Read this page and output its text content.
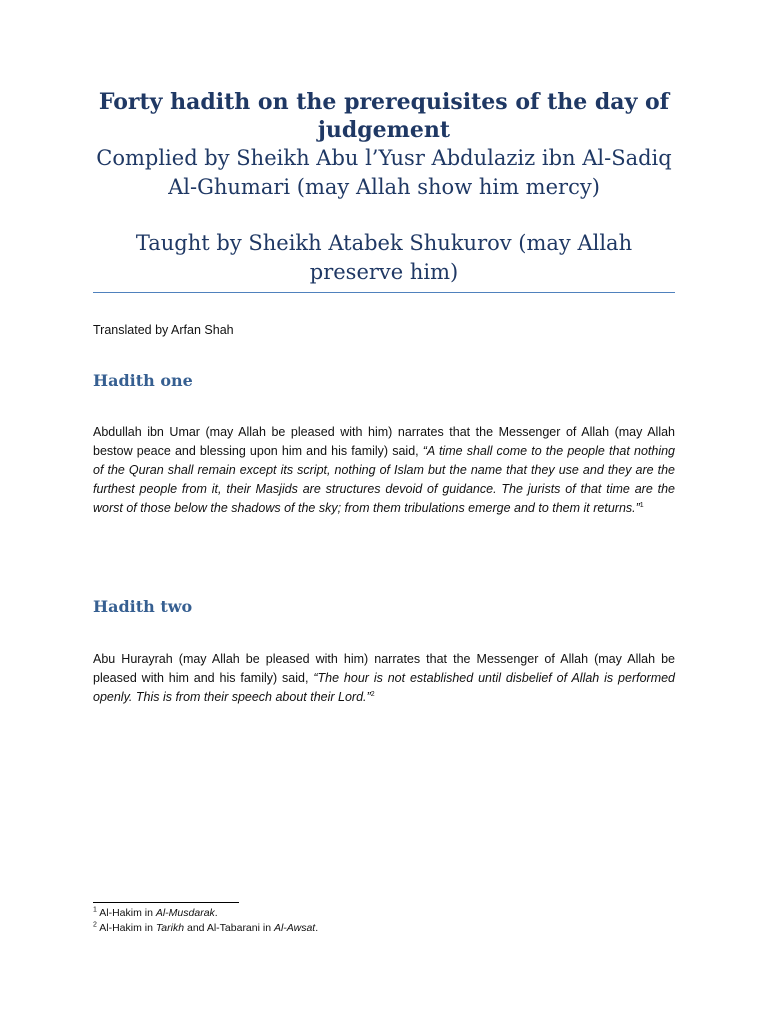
Forty hadith on the prerequisites of the day of judgement

Complied by Sheikh Abu l’Yusr Abdulaziz ibn Al-Sadiq Al-Ghumari (may Allah show him mercy)

Taught by Sheikh Atabek Shukurov (may Allah preserve him)

Translated by Arfan Shah
Hadith one

Abdullah ibn Umar (may Allah be pleased with him) narrates that the Messenger of Allah (may Allah bestow peace and blessing upon him and his family) said, “A time shall come to the people that nothing of the Quran shall remain except its script, nothing of Islam but the name that they use and they are the furthest people from it, their Masjids are structures devoid of guidance. The jurists of that time are the worst of those below the shadows of the sky; from them tribulations emerge and to them it returns.”$^1$

Hadith two

Abu Hurayrah (may Allah be pleased with him) narrates that the Messenger of Allah (may Allah be pleased with him and his family) said, “The hour is not established until disbelief of Allah is performed openly. This is from their speech about their Lord.”$^2$

$^1$ Al-Hakim in Al-Musdarak.

$^2$ Al-Hakim in Tarikh and Al-Tabarani in Al-Awsat.
